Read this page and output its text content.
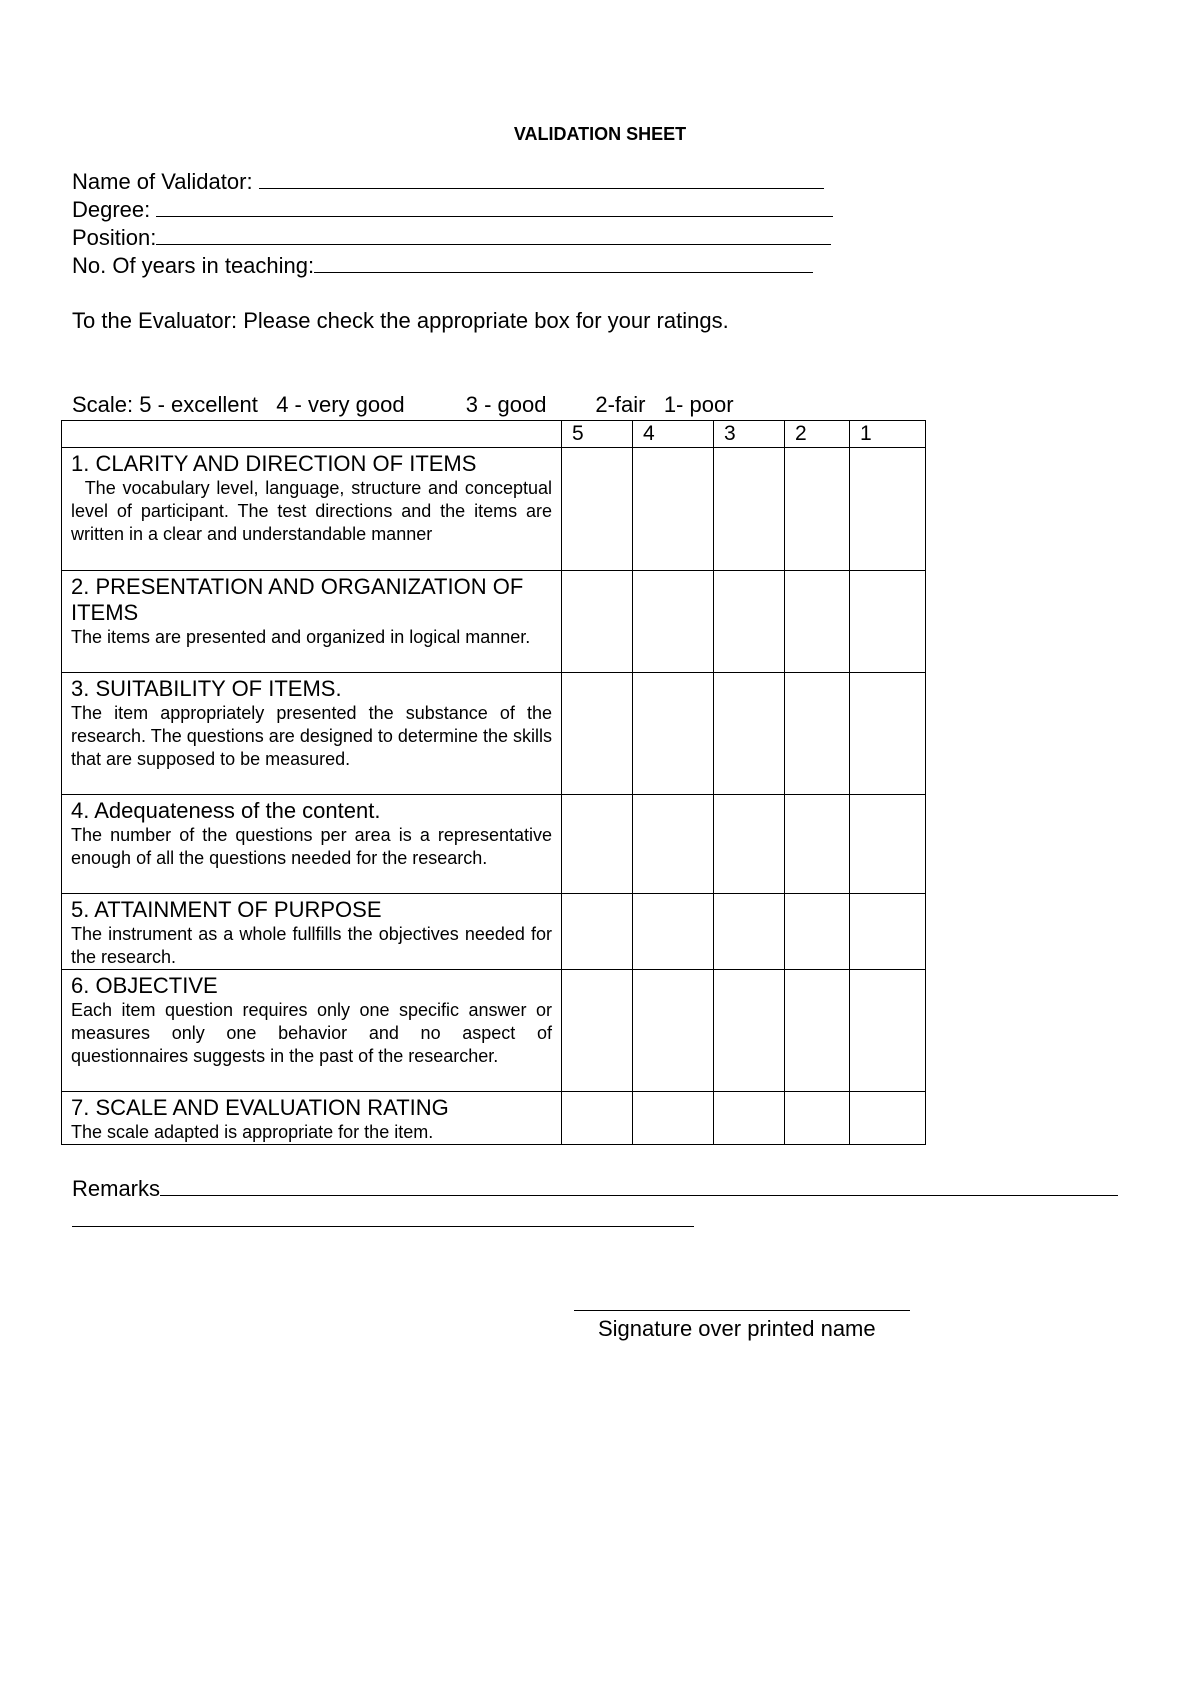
VALIDATION SHEET
Name of Validator:
Degree:
Position:
No. Of years in teaching:
To the Evaluator: Please check the appropriate box for your ratings.
Scale: 5 - excellent   4 - very good          3 - good        2-fair   1- poor
	5	4	3	2	1

1. CLARITY AND DIRECTION OF ITEMS
The vocabulary level, language, structure and conceptual level of participant. The test directions and the items are written in a clear and understandable manner					

2. PRESENTATION AND ORGANIZATION OF ITEMS
The items are presented and organized in logical manner.					

3. SUITABILITY OF ITEMS.
The item appropriately presented the substance of the research. The questions are designed to determine the skills that are supposed to be measured.					

4. Adequateness of the content.
The number of the questions per area is a representative enough of all the questions needed for the research.					

5. ATTAINMENT OF PURPOSE
The instrument as a whole fullfills the objectives needed for the research.					

6. OBJECTIVE
Each item question requires only one specific answer or measures only one behavior and no aspect of questionnaires suggests in the past of the researcher.					

7. SCALE AND EVALUATION RATING
The scale adapted is appropriate for the item.					

Remarks
Signature over printed name
